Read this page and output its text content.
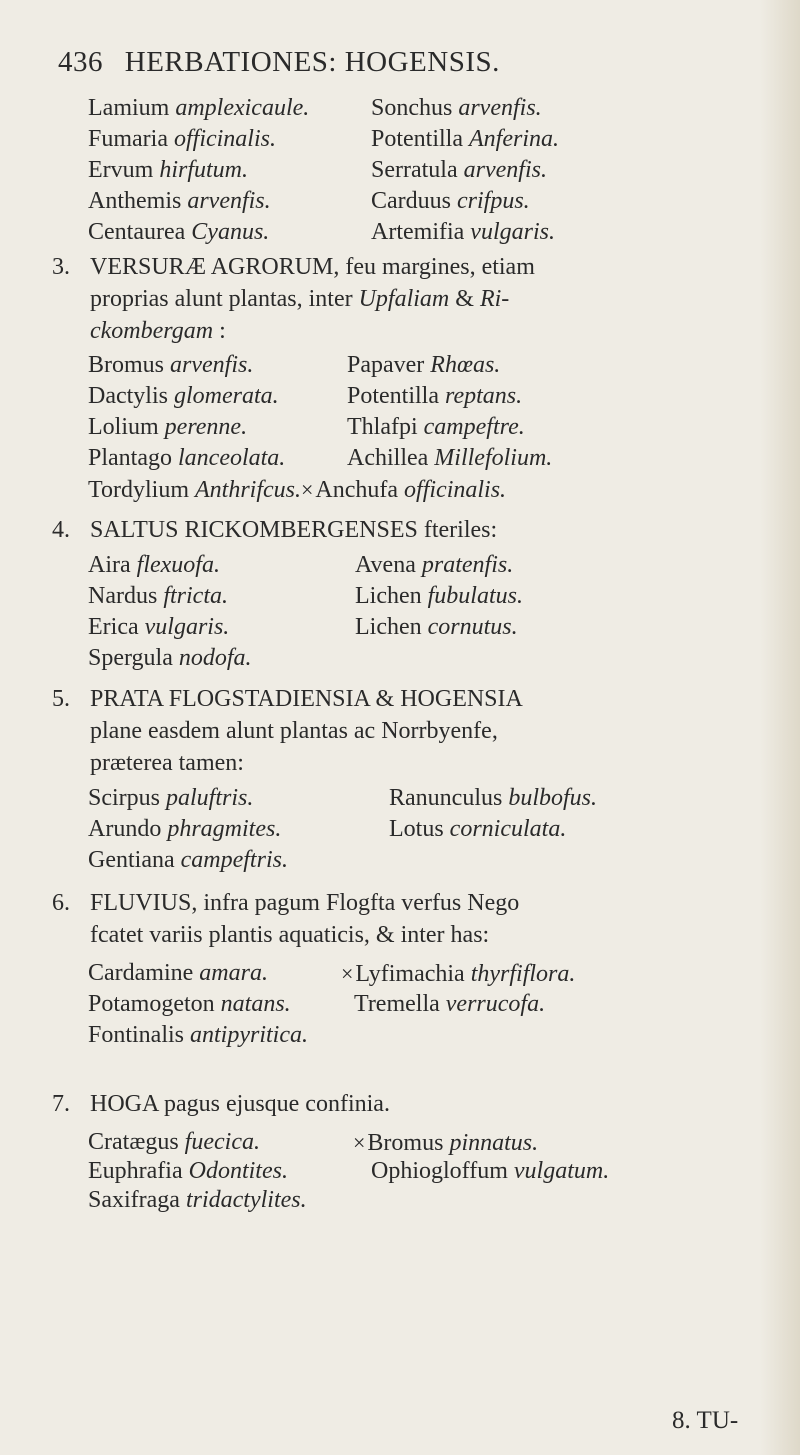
436 HERBATIONES: HOGENSIS.
Lamium amplexicaule.	Sonchus arvenfis.
Fumaria officinalis.	Potentilla Anferina.
Ervum hirfutum.	Serratula arvenfis.
Anthemis arvenfis.	Carduus crifpus.
Centaurea Cyanus.	Artemifia vulgaris.
3. VERSURÆ AGRORUM, feu margines, etiam
proprias alunt plantas, inter Upfaliam & Ri-
ckombergam :
Bromus arvenfis.	Papaver Rhœas.
Dactylis glomerata.	Potentilla reptans.
Lolium perenne.	Thlafpi campeftre.
Plantago lanceolata.	Achillea Millefolium.
Tordylium Anthrifcus.×Anchufa officinalis.
4. SALTUS RICKOMBERGENSES fteriles:
Aira flexuofa.	Avena pratenfis.
Nardus ftricta.	Lichen fubulatus.
Erica vulgaris.	Lichen cornutus.
Spergula nodofa.
5. PRATA FLOGSTADIENSIA & HOGENSIA
plane easdem alunt plantas ac Norrbyenfe,
præterea tamen:
Scirpus paluftris.	Ranunculus bulbofus.
Arundo phragmites.	Lotus corniculata.
Gentiana campeftris.
6. FLUVIUS, infra pagum Flogfta verfus Nego
fcatet variis plantis aquaticis, & inter has:
Cardamine amara.	×Lyfimachia thyrfiflora.
Potamogeton natans.	Tremella verrucofa.
Fontinalis antipyritica.
7. HOGA pagus ejusque confinia.
Cratægus fuecica.	×Bromus pinnatus.
Euphrafia Odontites.	Ophiogloffum vulgatum.
Saxifraga tridactylites.
8. TU-
